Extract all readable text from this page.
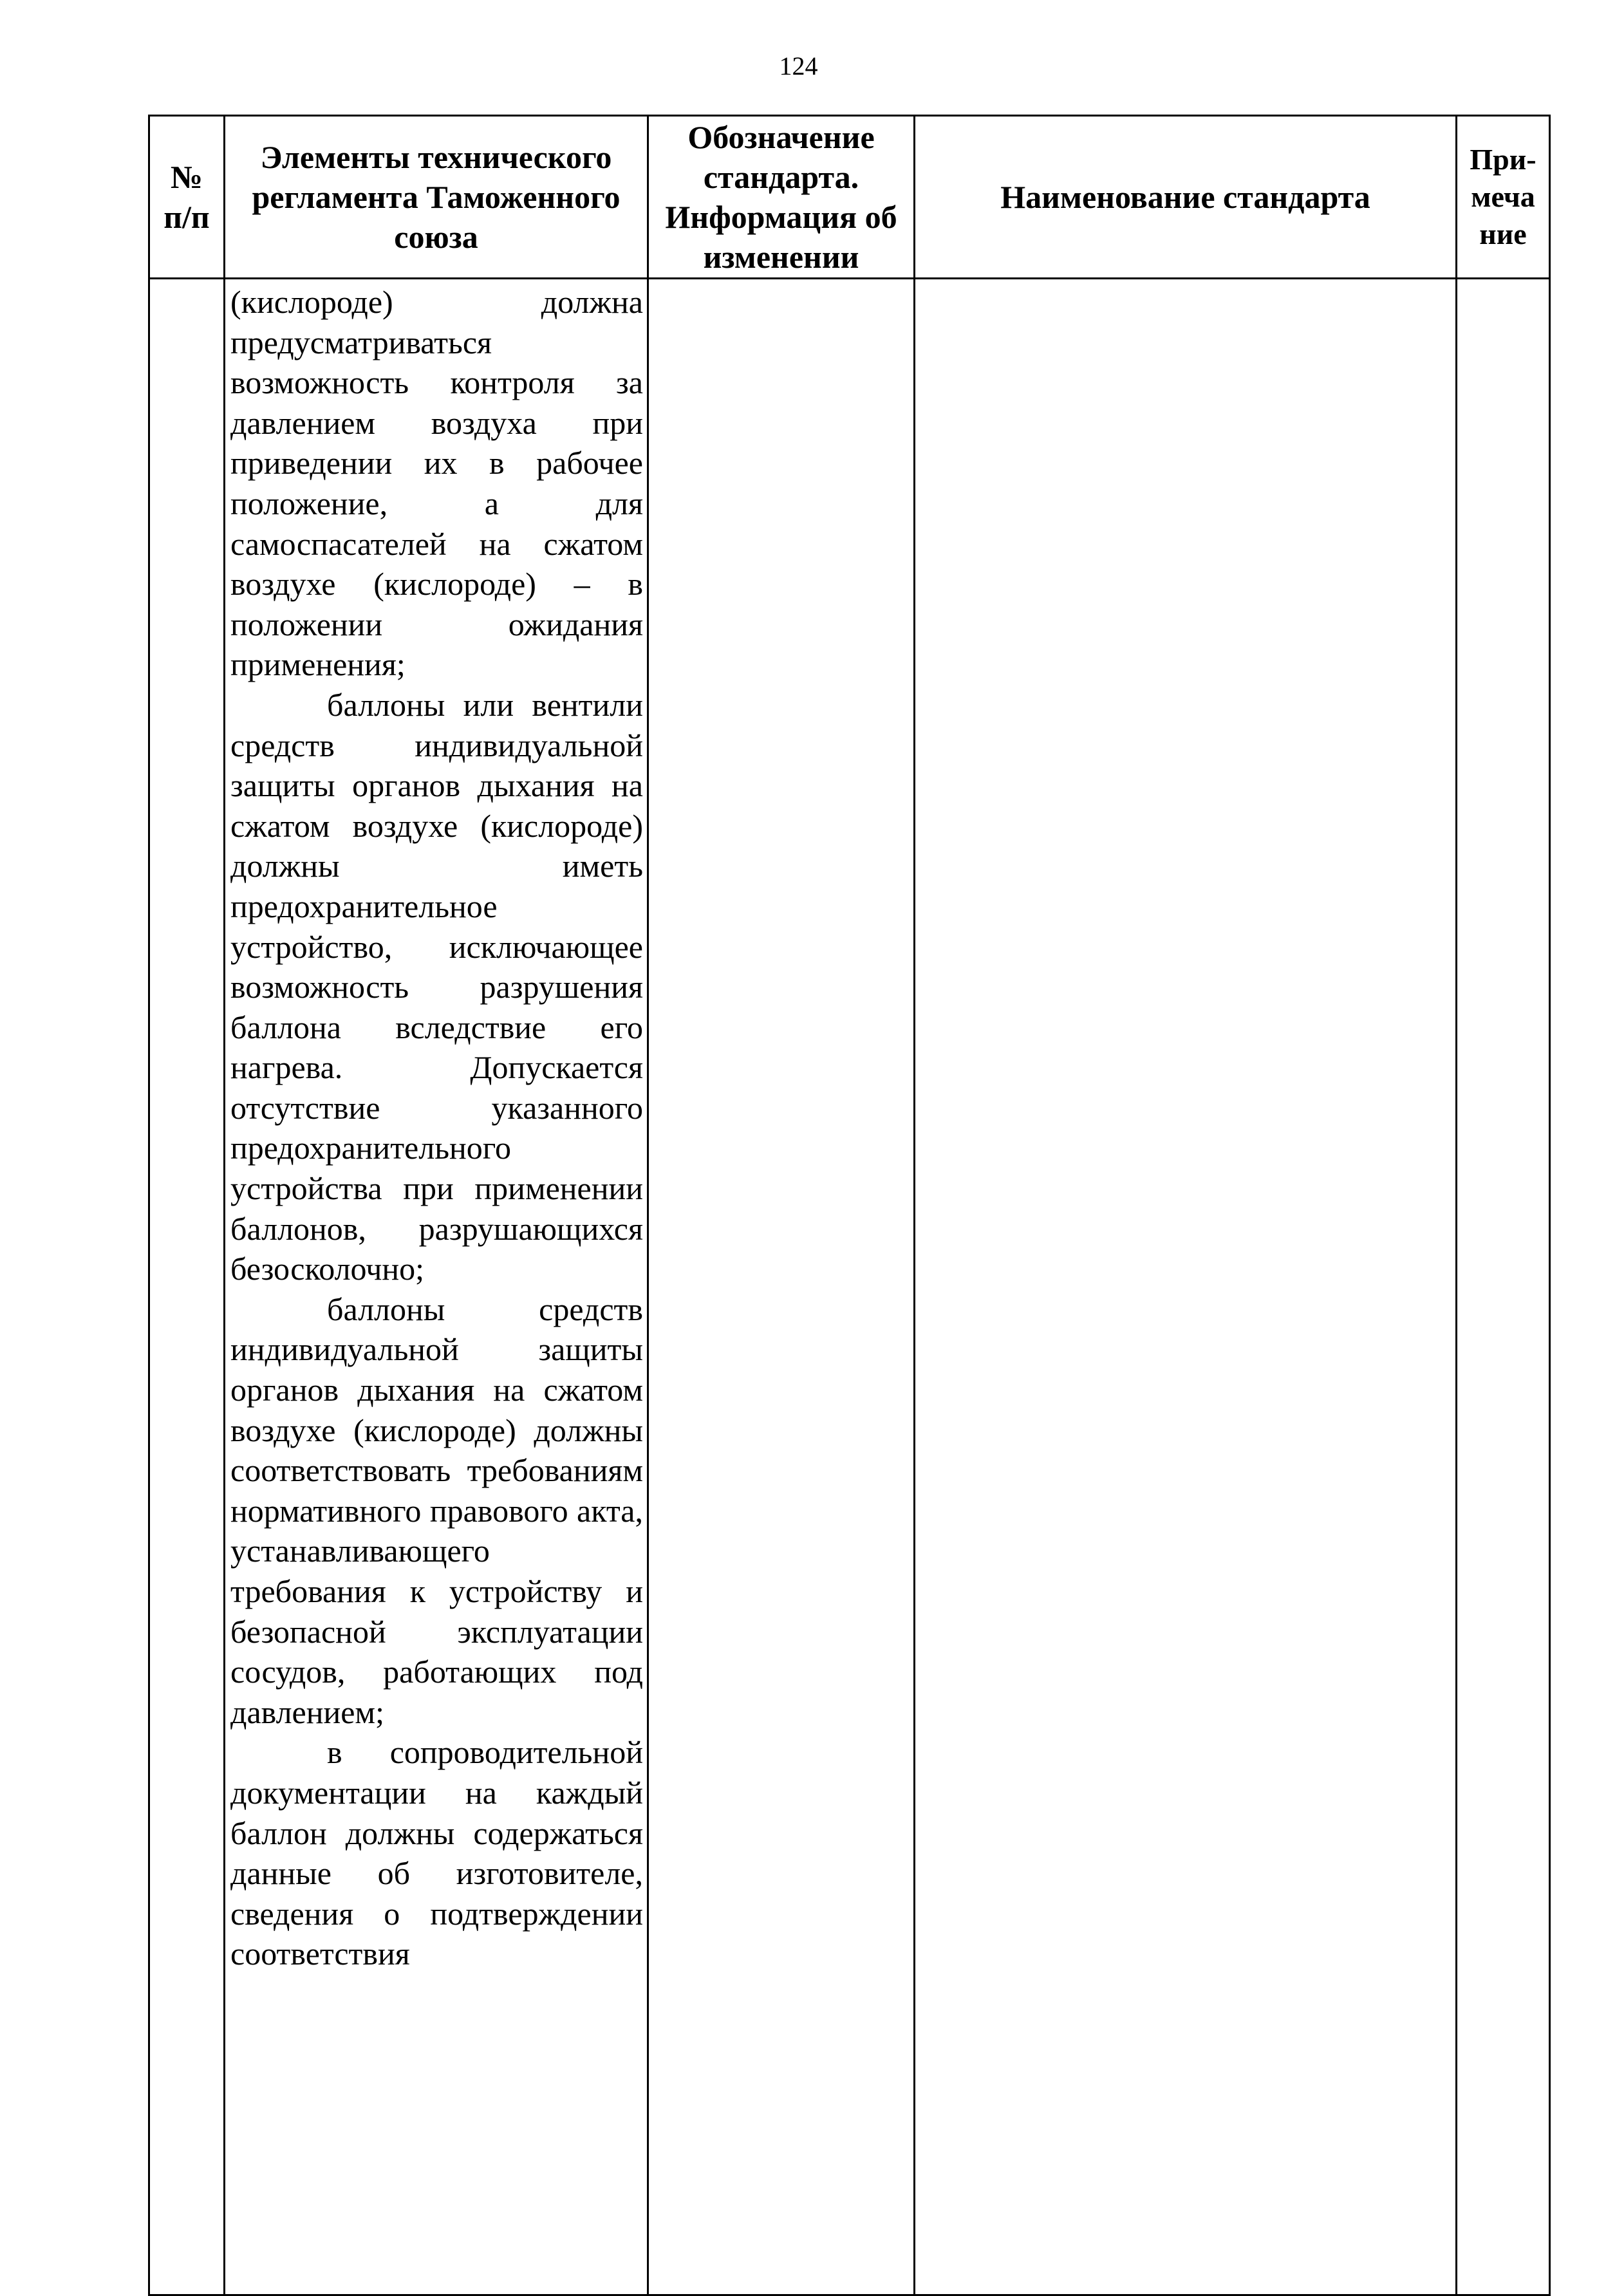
124
№ п/п	Элементы технического регламента Таможенного союза	Обозначение стандарта. Информация об изменении	Наименование стандарта	При-меча ние

	(кислороде) должна предусматриваться возможность контроля за давлением воздуха при приведении их в рабочее положение, а для самоспасателей на сжатом воздухе (кислороде) – в положении ожидания применения;

баллоны или вентили средств индивидуальной защиты органов дыхания на сжатом воздухе (кислороде) должны иметь предохранительное устройство, исключающее возможность разрушения баллона вследствие его нагрева. Допускается отсутствие указанного предохранительного устройства при применении баллонов, разрушающихся безосколочно;

баллоны средств индивидуальной защиты органов дыхания на сжатом воздухе (кислороде) должны соответствовать требованиям нормативного правового акта, устанавливающего требования к устройству и безопасной эксплуатации сосудов, работающих под давлением;

в сопроводительной документации на каждый баллон должны содержаться данные об изготовителе, сведения о подтверждении соответствия			
